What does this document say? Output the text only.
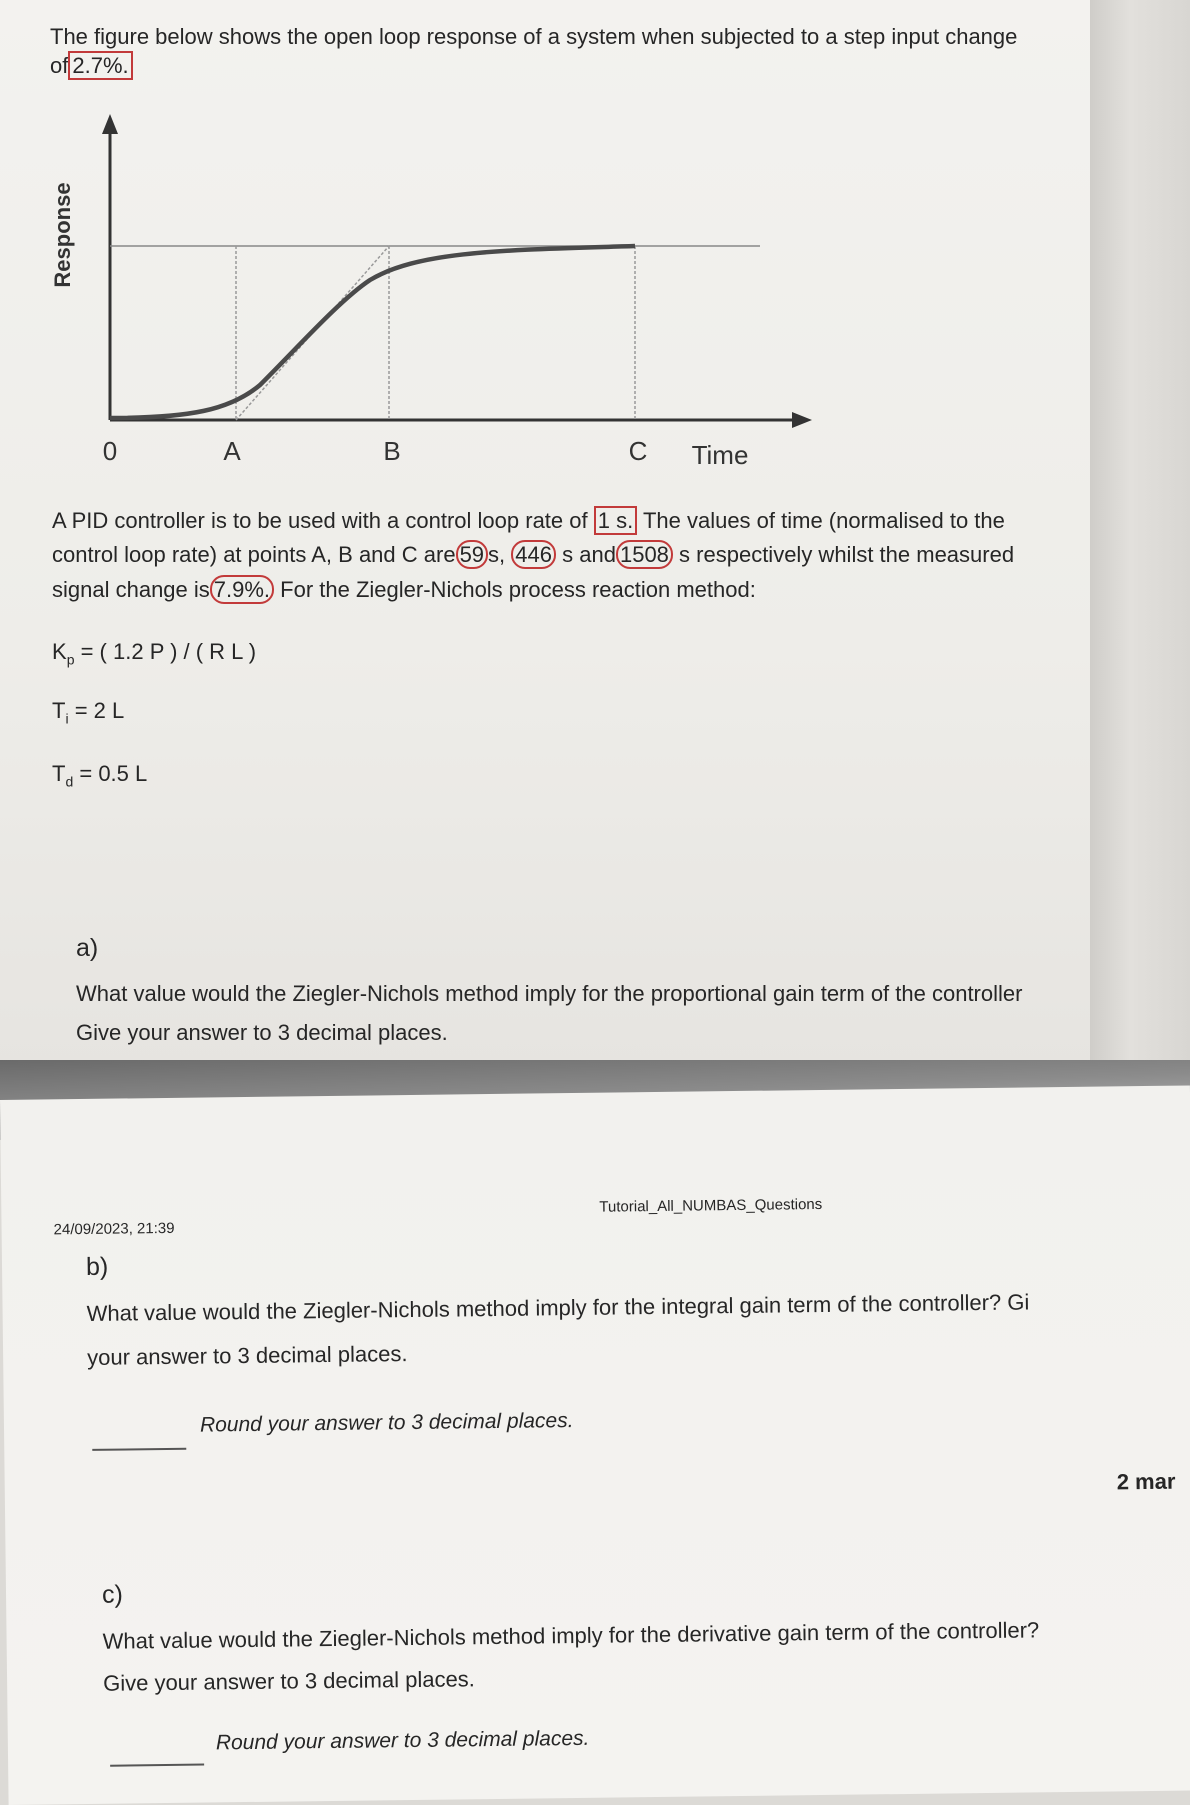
The figure below shows the open loop response of a system when subjected to a step input change
of 2.7%.
Response
0	A	B	C Time
A PID controller is to be used with a control loop rate of 1 s. The values of time (normalised to the
control loop rate) at points A, B and C are 59 s, 446 s and 1508 s respectively whilst the measured
signal change is 7.9%. For the Ziegler-Nichols process reaction method:
$K_p$ = ( 1.2 P ) / ( R L )
$T_i = 2$ L
$T_d = 0.5$ L
a)
What value would the Ziegler-Nichols method imply for the proportional gain term of the controller
Give your answer to 3 decimal places.
24/09/2023, 21:39
Tutorial_All_NUMBAS_Questions
b)
What value would the Ziegler-Nichols method imply for the integral gain term of the controller? Gi
your answer to 3 decimal places.
Round your answer to 3 decimal places.
2 mar
c)
What value would the Ziegler-Nichols method imply for the derivative gain term of the controller?
Give your answer to 3 decimal places.
Round your answer to 3 decimal places.
